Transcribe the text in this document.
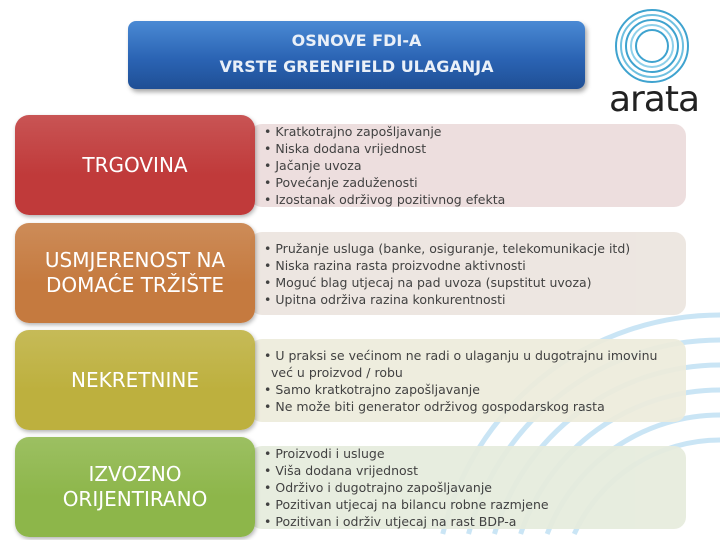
OSNOVE FDI-A
VRSTE GREENFIELD ULAGANJA
arata
TRGOVINA
• Kratkotrajno zapošljavanje
• Niska dodana vrijednost
• Jačanje uvoza
• Povećanje zaduženosti
• Izostanak održivog pozitivnog efekta
USMJERENOST NA DOMAĆE TRŽIŠTE
• Pružanje usluga (banke, osiguranje, telekomunikacje itd)
• Niska razina rasta proizvodne aktivnosti
• Moguć blag utjecaj na pad uvoza (supstitut uvoza)
• Upitna održiva razina konkurentnosti
NEKRETNINE
• U praksi se većinom ne radi o ulaganju u dugotrajnu imovinu već u proizvod / robu
• Samo kratkotrajno zapošljavanje
• Ne može biti generator održivog gospodarskog rasta
IZVOZNO ORIJENTIRANO
• Proizvodi i usluge
• Viša dodana vrijednost
• Održivo i dugotrajno zapošljavanje
• Pozitivan utjecaj na bilancu robne razmjene
• Pozitivan i održiv utjecaj na rast BDP-a
